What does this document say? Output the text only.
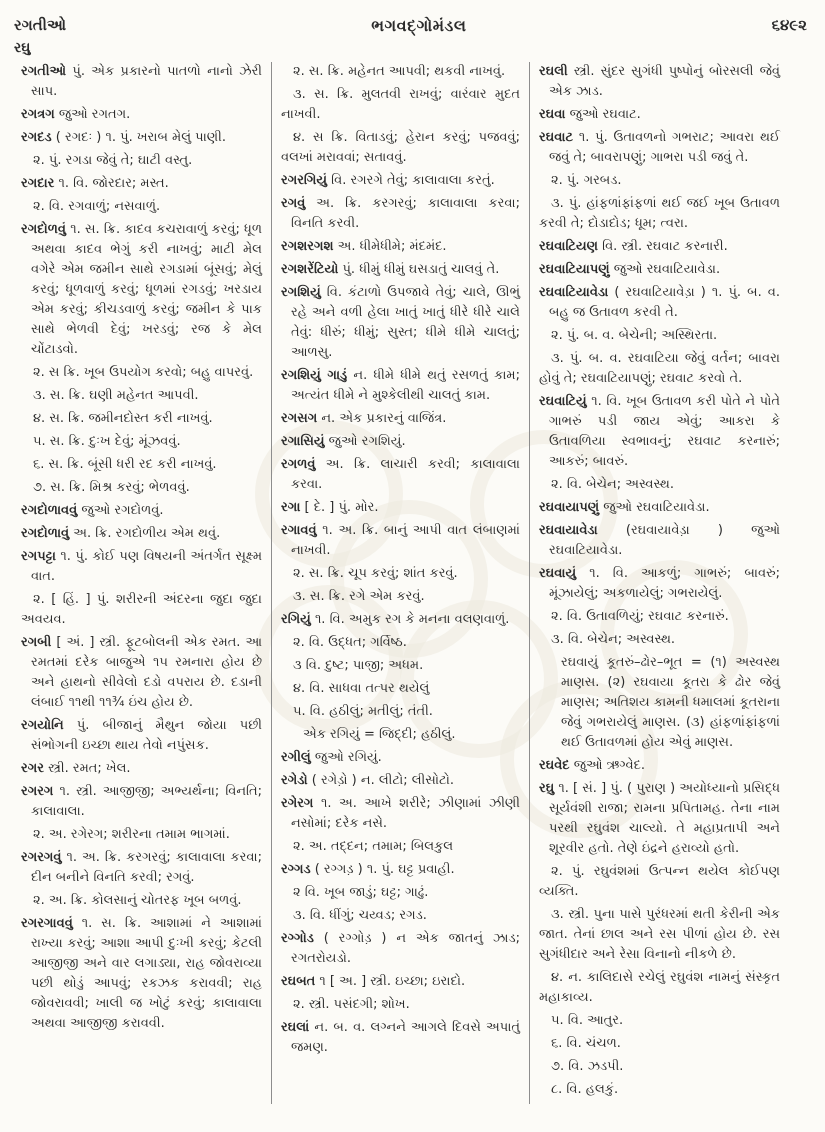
રગતીઓ	ભગવદ્ગોમંડલ	૬૪૯૨
રઘુ

રગતીઓ પું. એક પ્રકારનો પાતળો નાનો ઝેરી સાપ.

રગત્રગ જુઓ રગતગ.

રગદડ ( રગદઃ ) ૧. પું. ખરાબ મેલું પાણી.

૨. પું. રગડા જેવું તે; ઘાટી વસ્તુ.

રગદાર ૧. વિ. જોરદાર; મસ્ત.

૨. વિ. રગવાળું; નસવાળું.

રગદોળવું ૧. સ. ક્રિ. કાદવ કચરાવાળું કરવું; ધૂળ અથવા કાદવ ભેગું કરી નાખવું; માટી મેલ વગેરે એમ જમીન સાથે રગડામાં બૂંસવું; મેલું કરવું; ધૂળવાળું કરવું; ધૂળમાં રગડવું; ખરડાય એમ કરવું; કીચડવાળું કરવું; જમીન કે પાક સાથે ભેળવી દેવું; ખરડવું; રજ કે મેલ ચોંટાડવો.

૨. સ ક્રિ. ખૂબ ઉપયોગ કરવો; બહુ વાપરવું.

૩. સ. ક્રિ. ઘણી મહેનત આપવી.

૪. સ. ક્રિ. જમીનદોસ્ત કરી નાખવું.

૫. સ. ક્રિ. દુઃખ દેવું; મૂંઝવવું.

૬. સ. ક્રિ. બૂંસી ધરી રદ કરી નાખવું.

૭. સ. ક્રિ. મિશ્ર કરવું; ભેળવવું.

રગદોળાવવું જુઓ રગદોળવું.

રગદોળાવું અ. ક્રિ. રગદોળીય એમ થવું.

રગપટ્ટા ૧. પું. કોઈ પણ વિષયની અંતર્ગત સૂક્ષ્મ વાત.

૨. [ હિં. ] પું. શરીરની અંદરના જુદા જુદા અવયવ.

રગબી [ અં. ] સ્ત્રી. ફૂટબોલની એક રમત. આ રમતમાં દરેક બાજુએ ૧૫ રમનારા હોય છે અને હાથનો સીવેલો દડો વપરાય છે. દડાની લંબાઈ ૧૧થી ૧૧¾ ઇંચ હોય છે.

રગયોનિ પું. બીજાનું મૈથુન જોયા પછી સંભોગની ઇચ્છા થાય તેવો નપુંસક.

રગર સ્ત્રી. રમત; ખેલ.

રગરગ ૧. સ્ત્રી. આજીજી; અભ્યર્થના; વિનતિ; કાલાવાલા.

૨. અ. રગેરગ; શરીરના તમામ ભાગમાં.

રગરગવું ૧. અ. ક્રિ. કરગરવું; કાલાવાલા કરવા; દીન બનીને વિનતિ કરવી; રગવું.

૨. અ. ક્રિ. કોલસાનું ચોતરફ ખૂબ બળવું.

રગરગાવવું ૧. સ. ક્રિ. આશામાં ને આશામાં રાખ્યા કરવું; આશા આપી દુઃખી કરવું; કેટલી આજીજી અને વાર લગાડ્યા, રાહ જોવરાવ્યા પછી થોડું આપવું; રકઝક કરાવવી; રાહ જોવરાવવી; ખાલી જ ખોટું કરવું; કાલાવાલા અથવા આજીજી કરાવવી.

૨. સ. ક્રિ. મહેનત આપવી; થકવી નાખવું.

૩. સ. ક્રિ. મુલતવી રાખવું; વારંવાર મુદત નાખવી.

૪. સ ક્રિ. વિતાડવું; હેરાન કરવું; પજવવું; વલખાં મરાવવાં; સતાવવું.

રગરગિયું વિ. રગરગે તેવું; કાલાવાલા કરતું.

રગવું અ. ક્રિ. કરગરવું; કાલાવાલા કરવા; વિનતિ કરવી.

રગશરગશ અ. ધીમેધીમે; મંદમંદ.

રગશરેંટિયો પું. ધીમું ધીમું ઘસડાતું ચાલવું તે.

રગશિયું વિ. કંટાળો ઉપજાવે તેવું; ચાલે, ઊભું રહે અને વળી હેલા ખાતું ખાતું ધીરે ધીરે ચાલે તેવું: ધીરું; ધીમું; સુસ્ત; ધીમે ધીમે ચાલતું; આળસુ.

રગશિયું ગાડું ન. ધીમે ધીમે થતું રસળતું કામ; અત્યંત ધીમે ને મુશ્કેલીથી ચાલતું કામ.

રગસગ ન. એક પ્રકારનું વાજિંત્ર.

રગાસિયું જુઓ રગશિયું.

રગળવું અ. ક્રિ. લાચારી કરવી; કાલાવાલા કરવા.

રગા [ દે. ] પું. મોર.

રગાવવું ૧. અ. ક્રિ. બાનું આપી વાત લંબાણમાં નાખવી.

૨. સ. ક્રિ. ચૂપ કરવું; શાંત કરવું.

૩. સ. ક્રિ. રગે એમ કરવું.

રગિયું ૧. વિ. અમુક રગ કે મનના વલણવાળું.

૨. વિ. ઉદ્ધત; ગર્વિષ્ઠ.

૩ વિ. દુષ્ટ; પાજી; અધમ.

૪. વિ. સાધવા તત્પર થયેલું

૫. વિ. હઠીલું; મતીલું; તંતી.

એક રગિયું = જિદ્દી; હઠીલું.

રગીલું જુઓ રગિયું.

રગેડો ( રગેડ઼ો ) ન. લીટો; લીસોટો.

રગેરગ ૧. અ. આખે શરીરે; ઝીણામાં ઝીણી નસોમાં; દરેક નસે.

૨. અ. તદ્દન; તમામ; બિલકુલ

રગ્ગડ ( રગ્ગડ઼ ) ૧. પું. ઘટ્ટ પ્રવાહી.

૨ વિ. ખૂબ જાડું; ઘટ્ટ; ગાઢું.

૩. વિ. ધીંગું; ચય્વડ; રગડ.

રગ્ગોડ ( રગ્ગોડ઼ ) ન એક જાતનું ઝાડ; રગતરોયડો.

રઘબત ૧ [ અ. ] સ્ત્રી. ઇચ્છા; ઇરાદો.

૨. સ્ત્રી. પસંદગી; શોખ.

રઘલાં ન. બ. વ. લગ્નને આગલે દિવસે અપાતું જમણ.

રઘલી સ્ત્રી. સુંદર સુગંધી પુષ્પોનું બોરસલી જેવું એક ઝાડ.

રઘવા જુઓ રઘવાટ.

રઘવાટ ૧. પું. ઉતાવળનો ગભરાટ; આવરા થઈ જવું તે; બાવરાપણું; ગાભરા પડી જવું તે.

૨. પું. ગરબડ.

૩. પું. હાંફળાંફાંફળાં થઈ જઈ ખૂબ ઉતાવળ કરવી તે; દોડાદોડ; ધૂમ; ત્વરા.

રઘવાટિયણ વિ. સ્ત્રી. રઘવાટ કરનારી.

રઘવાટિયાપણું જુઓ રઘવાટિયાવેડા.

રઘવાટિયાવેડા ( રઘવાટિયાવેડ઼ા ) ૧. પું. બ. વ. બહુ જ ઉતાવળ કરવી તે.

૨. પું. બ. વ. બેચેની; અસ્થિરતા.

૩. પું. બ. વ. રઘવાટિયા જેવું વર્તન; બાવરા હોવું તે; રઘવાટિયાપણું; રઘવાટ કરવો તે.

રઘવાટિયું ૧. વિ. ખૂબ ઉતાવળ કરી પોતે ને પોતે ગાભરું પડી જાય એવું; આકરા કે ઉતાવળિયા સ્વભાવનું; રઘવાટ કરનારું; આકરું; બાવરું.

૨. વિ. બેચેન; અસ્વસ્થ.

રઘવાયાપણું જુઓ રઘવાટિયાવેડા.

રઘવાયાવેડા (રઘવાયાવેડ઼ા ) જુઓ રઘવાટિયાવેડા.

રઘવાયું ૧. વિ. આકળું; ગાભરું; બાવરું; મૂંઝાયેલું; અકળાયેલું; ગભરાયેલું.

૨. વિ. ઉતાવળિયું; રઘવાટ કરનારું.

૩. વિ. બેચેન; અસ્વસ્થ.

રઘવાયું કૂતરું–ઢોર–ભૂત = (૧) અસ્વસ્થ માણસ. (૨) રઘવાયા કૂતરા કે ઢોર જેવું માણસ; અતિશય કામની ધમાલમાં કૂતરાના જેવું ગભરાયેલું માણસ. (૩) હાંફળાંફાંફળાં થઈ ઉતાવળમાં હોય એવું માણસ.

રઘવેદ જુઓ ઋગ્વેદ.

રઘુ ૧. [ સં. ] પું. ( પુરાણ ) અયોધ્યાનો પ્રસિદ્ધ સૂર્યવંશી રાજા; રામના પ્રપિતામહ. તેના નામ પરથી રઘુવંશ ચાલ્યો. તે મહાપ્રતાપી અને શૂરવીર હતો. તેણે ઇંદ્રને હરાવ્યો હતો.

૨. પું. રઘુવંશમાં ઉત્પન્ન થયેલ કોઈપણ વ્યક્તિ.

૩. સ્ત્રી. પુના પાસે પુરંધરમાં થતી કેરીની એક જાત. તેનાં છાલ અને રસ પીળાં હોય છે. રસ સુગંધીદાર અને રેસા વિનાનો નીકળે છે.

૪. ન. કાલિદાસે રચેલું રઘુવંશ નામનું સંસ્કૃત મહાકાવ્ય.

૫. વિ. આતુર.

૬. વિ. ચંચળ.

૭. વિ. ઝડપી.

૮. વિ. હલકું.
